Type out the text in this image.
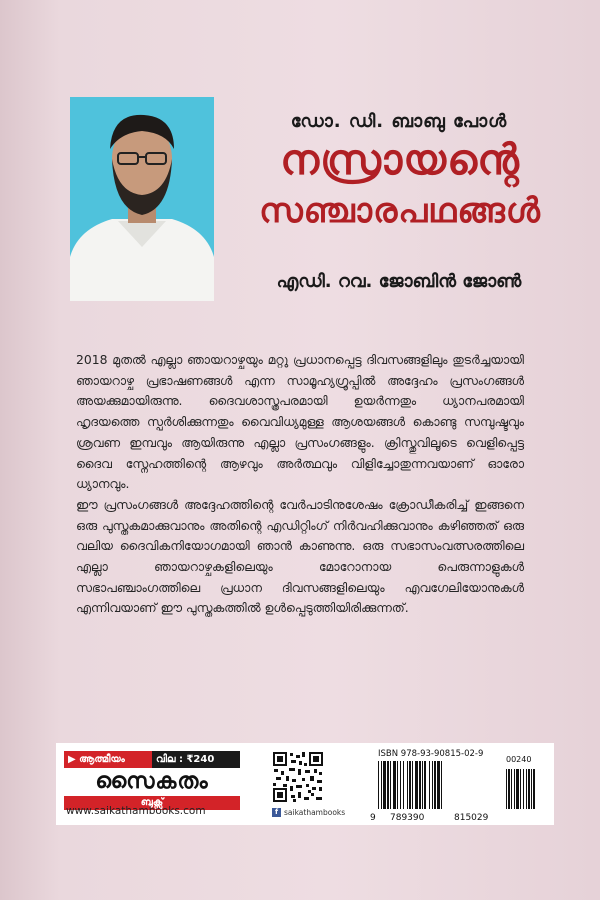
ഡോ. ഡി. ബാബു പോൾ
നസ്രായന്റെ
സഞ്ചാരപഥങ്ങൾ
എഡി. റവ. ജോബിൻ ജോൺ

2018 മുതൽ എല്ലാ ഞായറാഴ്ചയും മറ്റു പ്രധാനപ്പെട്ട ദിവസങ്ങളിലും തുടർച്ചയായി ഞായറാഴ്ച പ്രഭാഷണങ്ങൾ എന്ന സാമൂഹ്യഗ്രൂപ്പിൽ അദ്ദേഹം പ്രസംഗങ്ങൾ അയക്കുമായിരുന്നു. ദൈവശാസ്ത്രപരമായി ഉയർന്നതും ധ്യാനപരമായി ഹൃദയത്തെ സ്പർശിക്കുന്നതും വൈവിധ്യമുള്ള ആശയങ്ങൾ കൊണ്ടു സമ്പുഷ്ടവും ശ്രവണ ഇമ്പവും ആയിരുന്നു എല്ലാ പ്രസംഗങ്ങളും. ക്രിസ്തുവിലൂടെ വെളിപ്പെട്ട ദൈവ സ്നേഹത്തിന്റെ ആഴവും അർത്ഥവും വിളിച്ചോതുന്നവയാണ് ഓരോ ധ്യാനവും.

ഈ പ്രസംഗങ്ങൾ അദ്ദേഹത്തിന്റെ വേർപാടിനുശേഷം ക്രോഡീകരിച്ച് ഇങ്ങനെ ഒരു പുസ്തകമാക്കുവാനും അതിന്റെ എഡിറ്റിംഗ് നിർവഹിക്കുവാനും കഴിഞ്ഞത് ഒരു വലിയ ദൈവികനിയോഗമായി ഞാൻ കാണുന്നു. ഒരു സഭാസംവത്സരത്തിലെ എല്ലാ ഞായറാഴ്ചകളിലെയും മോറോനായ പെരുന്നാളുകൾ സഭാപഞ്ചാംഗത്തിലെ പ്രധാന ദിവസങ്ങളിലെയും എവഗേലിയോനുകൾ എന്നിവയാണ് ഈ പുസ്തകത്തിൽ ഉൾപ്പെടുത്തിയിരിക്കുന്നത്.

▶ ആത്മീയം	വില : ₹240
സൈകതം
ബുക്സ്
www.saikathambooks.com	f saikathambooks
ISBN 978-93-90815-02-9
00240
9 789390	815029
